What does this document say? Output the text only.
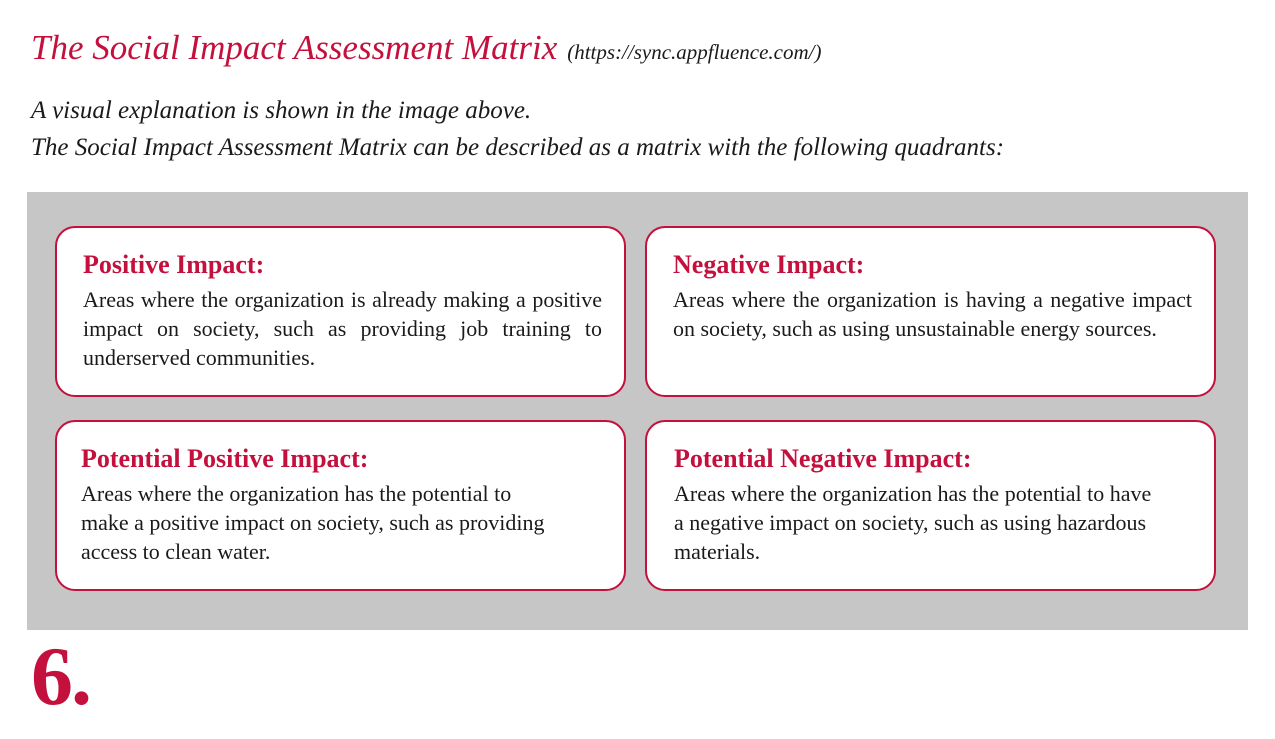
The Social Impact Assessment Matrix (https://sync.appfluence.com/)
A visual explanation is shown in the image above.
The Social Impact Assessment Matrix can be described as a matrix with the following quadrants:
Positive Impact:

Areas where the organization is already making a positive impact on society, such as providing job training to underserved communities.

Negative Impact:

Areas where the organization is having a negative impact on society, such as using unsustainable energy sources.

Potential Positive Impact:

Areas where the organization has the potential to make a positive impact on society, such as providing access to clean water.

Potential Negative Impact:

Areas where the organization has the potential to have a negative impact on society, such as using hazardous materials.

6.
